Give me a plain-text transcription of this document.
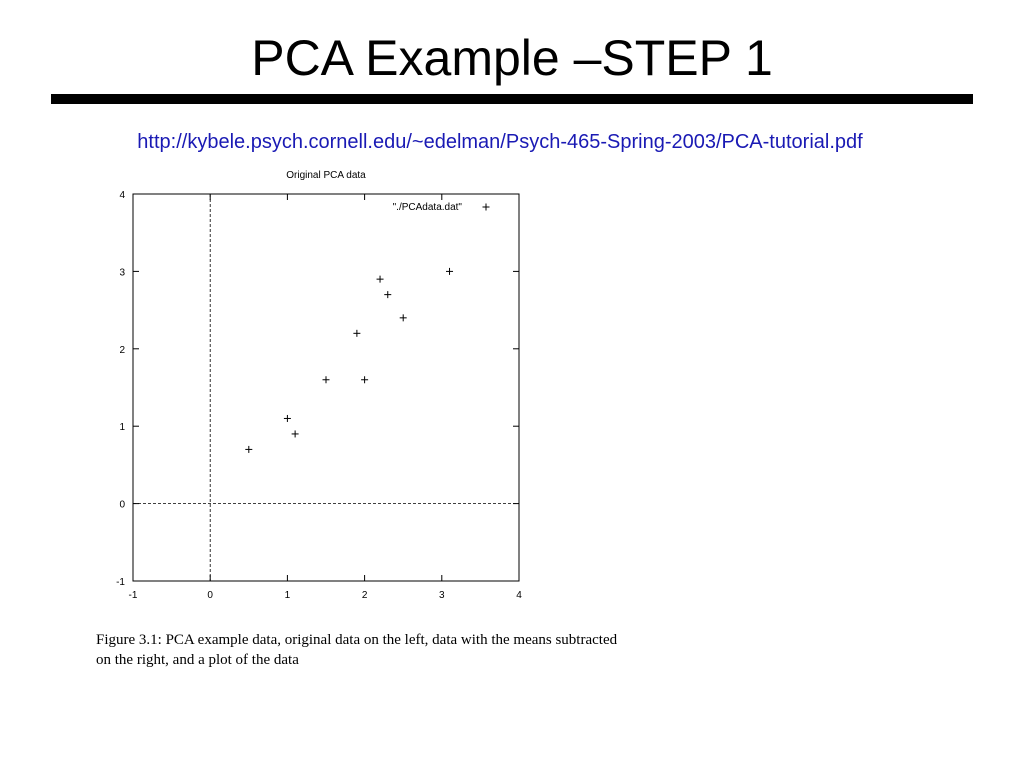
PCA Example –STEP 1
http://kybele.psych.cornell.edu/~edelman/Psych-465-Spring-2003/PCA-tutorial.pdf
Original PCA data
-1	0	1	2	3	4
-1
0
1
2
3
4
"./PCAdata.dat"
Figure 3.1: PCA example data, original data on the left, data with the means subtracted
on the right, and a plot of the data
